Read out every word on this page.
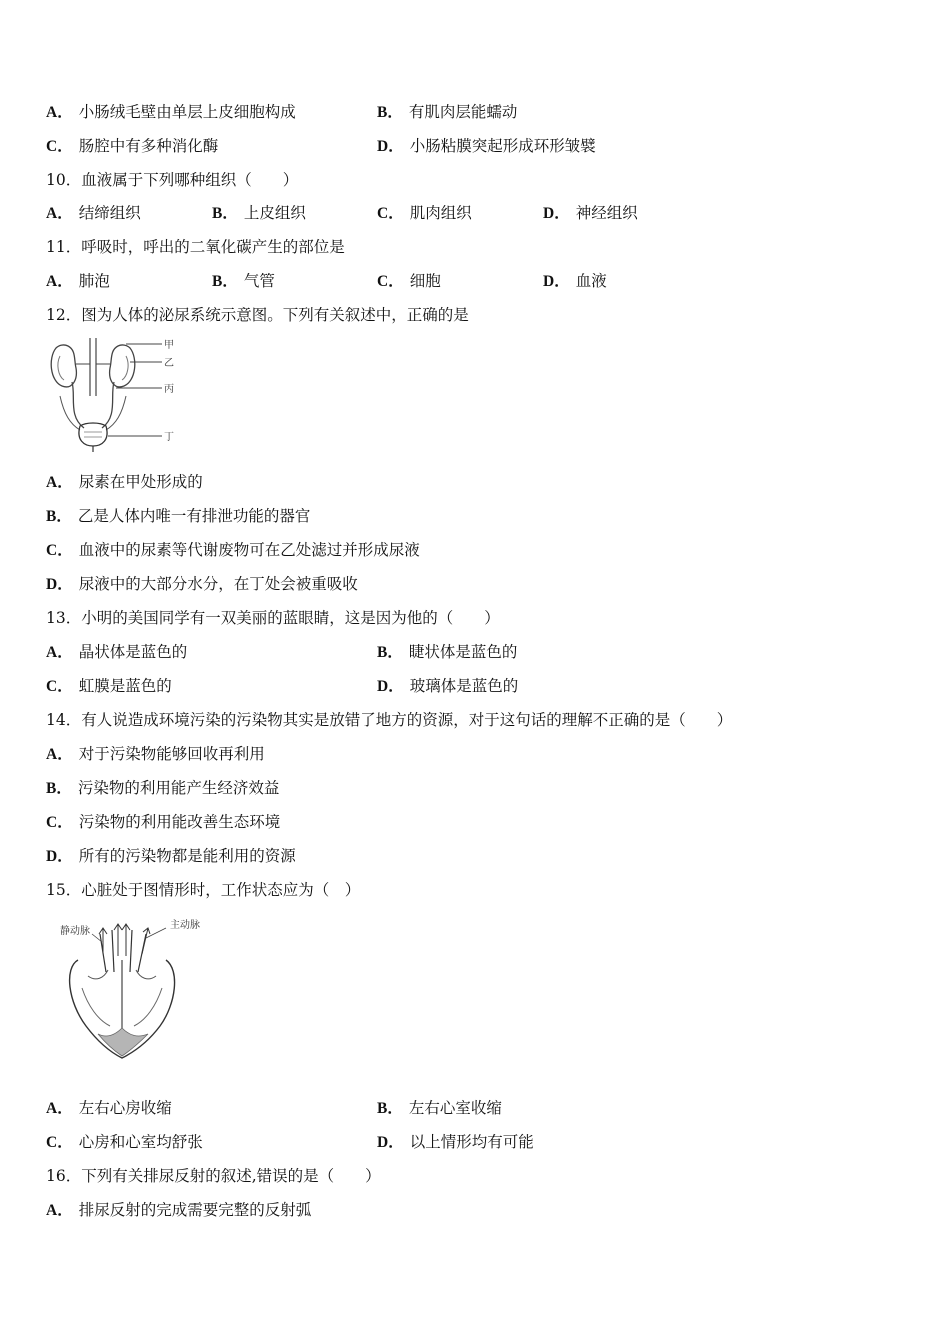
A． 小肠绒毛壁由单层上皮细胞构成	B． 有肌肉层能蠕动
C． 肠腔中有多种消化酶	D． 小肠粘膜突起形成环形皱襞
10．血液属于下列哪种组织（　　）
A． 结缔组织	B． 上皮组织	C． 肌肉组织	D． 神经组织
11．呼吸时，呼出的二氧化碳产生的部位是
A． 肺泡	B． 气管	C． 细胞	D． 血液
12．图为人体的泌尿系统示意图。下列有关叙述中，正确的是
甲
乙
丙
丁
A． 尿素在甲处形成的
B． 乙是人体内唯一有排泄功能的器官
C． 血液中的尿素等代谢废物可在乙处滤过并形成尿液
D． 尿液中的大部分水分，在丁处会被重吸收
13．小明的美国同学有一双美丽的蓝眼睛，这是因为他的（　　）
A． 晶状体是蓝色的	B． 睫状体是蓝色的
C． 虹膜是蓝色的	D． 玻璃体是蓝色的
14．有人说造成环境污染的污染物其实是放错了地方的资源，对于这句话的理解不正确的是（　　）
A． 对于污染物能够回收再利用
B． 污染物的利用能产生经济效益
C． 污染物的利用能改善生态环境
D． 所有的污染物都是能利用的资源
15．心脏处于图情形时，工作状态应为（　）
静动脉
主动脉
A． 左右心房收缩	B． 左右心室收缩
C． 心房和心室均舒张	D． 以上情形均有可能
16．下列有关排尿反射的叙述,错误的是（　　）
A． 排尿反射的完成需要完整的反射弧
